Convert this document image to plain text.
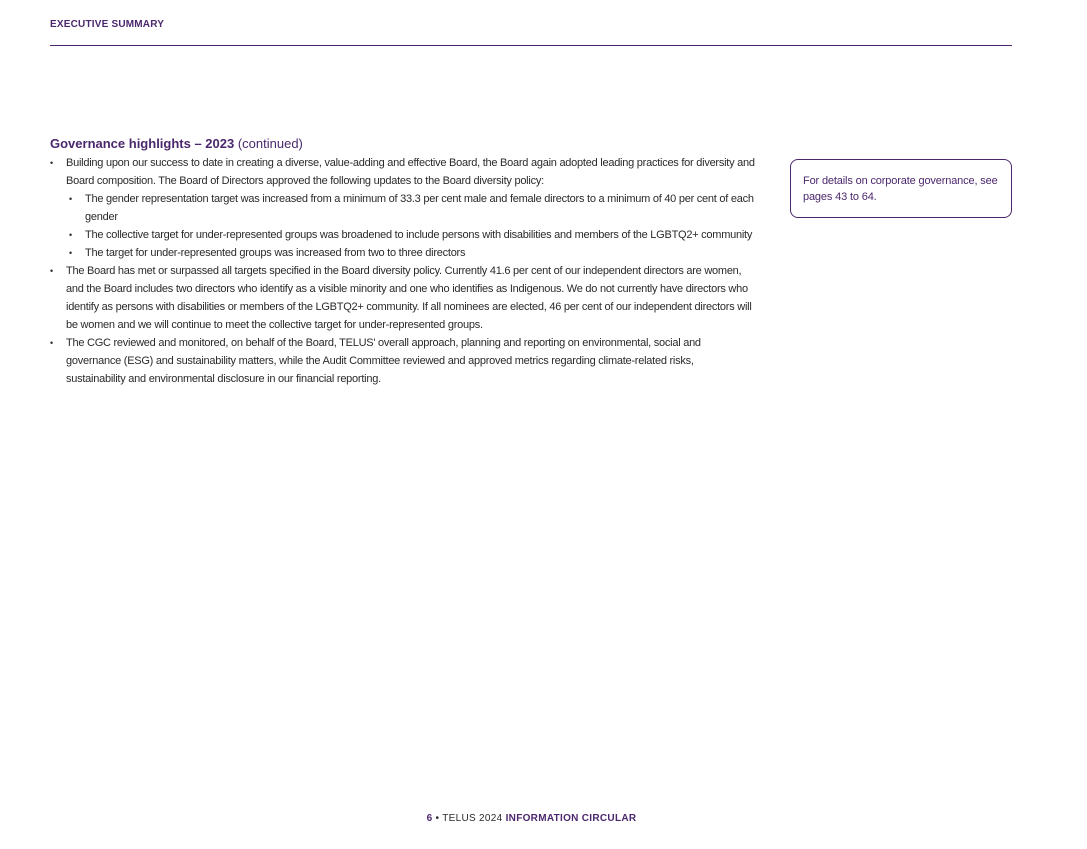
EXECUTIVE SUMMARY
Governance highlights – 2023 (continued)
• Building upon our success to date in creating a diverse, value-adding and effective Board, the Board again adopted leading practices for diversity and Board composition. The Board of Directors approved the following updates to the Board diversity policy:
• The gender representation target was increased from a minimum of 33.3 per cent male and female directors to a minimum of 40 per cent of each gender
• The collective target for under-represented groups was broadened to include persons with disabilities and members of the LGBTQ2+ community
• The target for under-represented groups was increased from two to three directors
• The Board has met or surpassed all targets specified in the Board diversity policy. Currently 41.6 per cent of our independent directors are women, and the Board includes two directors who identify as a visible minority and one who identifies as Indigenous. We do not currently have directors who identify as persons with disabilities or members of the LGBTQ2+ community. If all nominees are elected, 46 per cent of our independent directors will be women and we will continue to meet the collective target for under-represented groups.
• The CGC reviewed and monitored, on behalf of the Board, TELUS' overall approach, planning and reporting on environmental, social and governance (ESG) and sustainability matters, while the Audit Committee reviewed and approved metrics regarding climate-related risks, sustainability and environmental disclosure in our financial reporting.
For details on corporate governance, see pages 43 to 64.
6 • TELUS 2024 INFORMATION CIRCULAR
